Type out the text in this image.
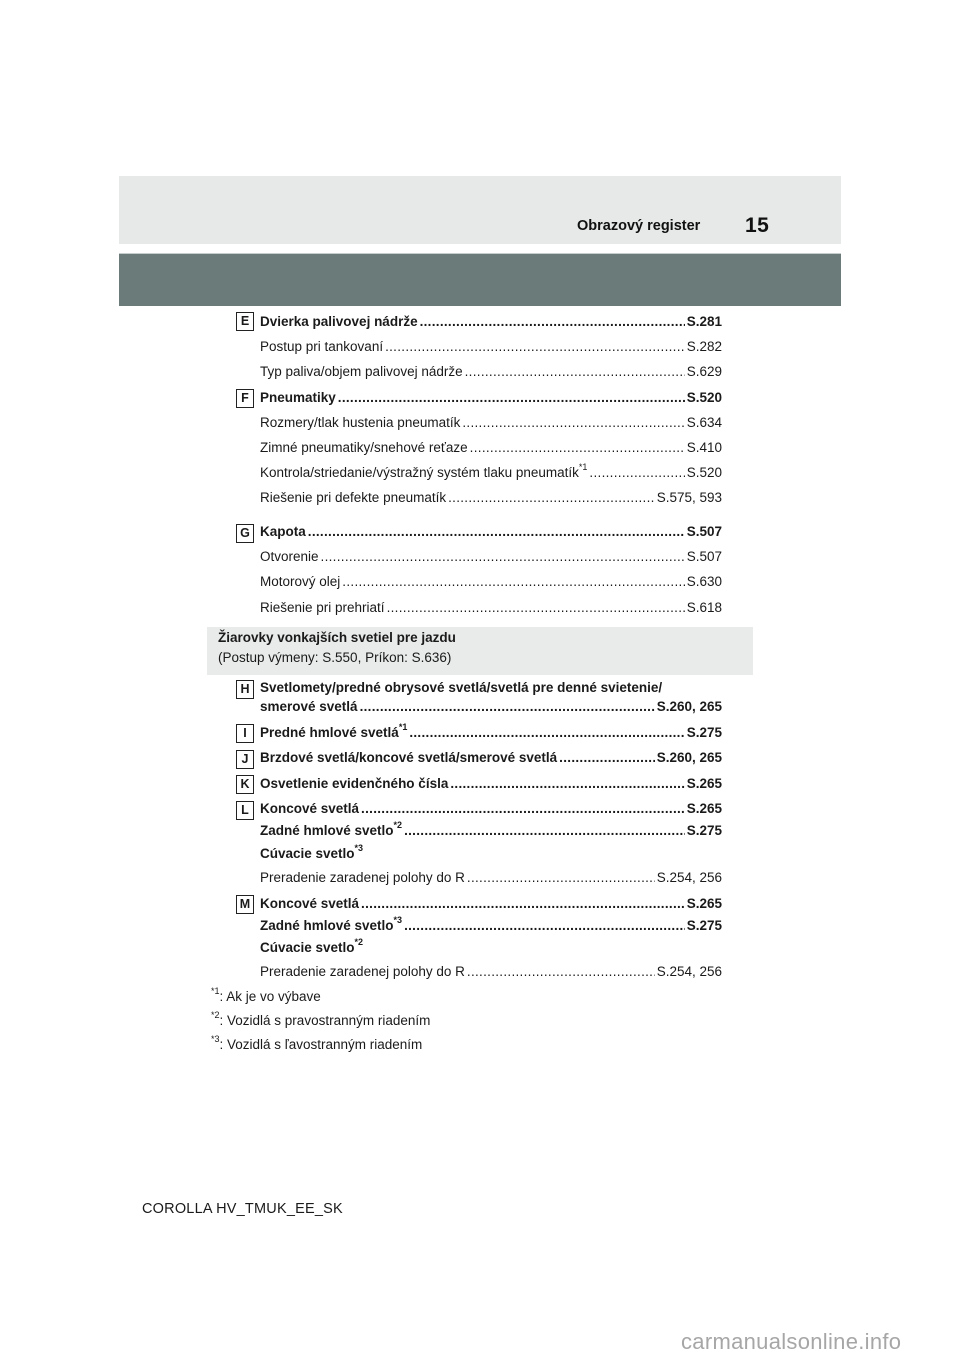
Obrazový register 15
E Dvierka palivovej nádrže .....	S.281
Postup pri tankovaní .....	S.282
Typ paliva/objem palivovej nádrže .....	S.629
F Pneumatiky .....	S.520
Rozmery/tlak hustenia pneumatík .....	S.634
Zimné pneumatiky/snehové reťaze .....	S.410
Kontrola/striedanie/výstražný systém tlaku pneumatík$^{*1}$ .....	S.520
Riešenie pri defekte pneumatík .....	S.575, 593
G Kapota .....	S.507
Otvorenie .....	S.507
Motorový olej .....	S.630
Riešenie pri prehriatí .....	S.618
Žiarovky vonkajších svetiel pre jazdu
(Postup výmeny: S.550, Príkon: S.636)
H Svetlomety/predné obrysové svetlá/svetlá pre denné svietenie/
smerové svetlá .....	S.260, 265
I Predné hmlové svetlá$^{*1}$ .....	S.275
J Brzdové svetlá/koncové svetlá/smerové svetlá .....	S.260, 265
K Osvetlenie evidenčného čísla .....	S.265
L Koncové svetlá .....	S.265
Zadné hmlové svetlo$^{*2}$ .....	S.275
Cúvacie svetlo$^{*3}$
Preradenie zaradenej polohy do R .....	S.254, 256
M Koncové svetlá .....	S.265
Zadné hmlové svetlo$^{*3}$ .....	S.275
Cúvacie svetlo$^{*2}$
Preradenie zaradenej polohy do R .....	S.254, 256
$^{*1}$: Ak je vo výbave
$^{*2}$: Vozidlá s pravostranným riadením
$^{*3}$: Vozidlá s ľavostranným riadením
COROLLA HV_TMUK_EE_SK
carmanualsonline.info
